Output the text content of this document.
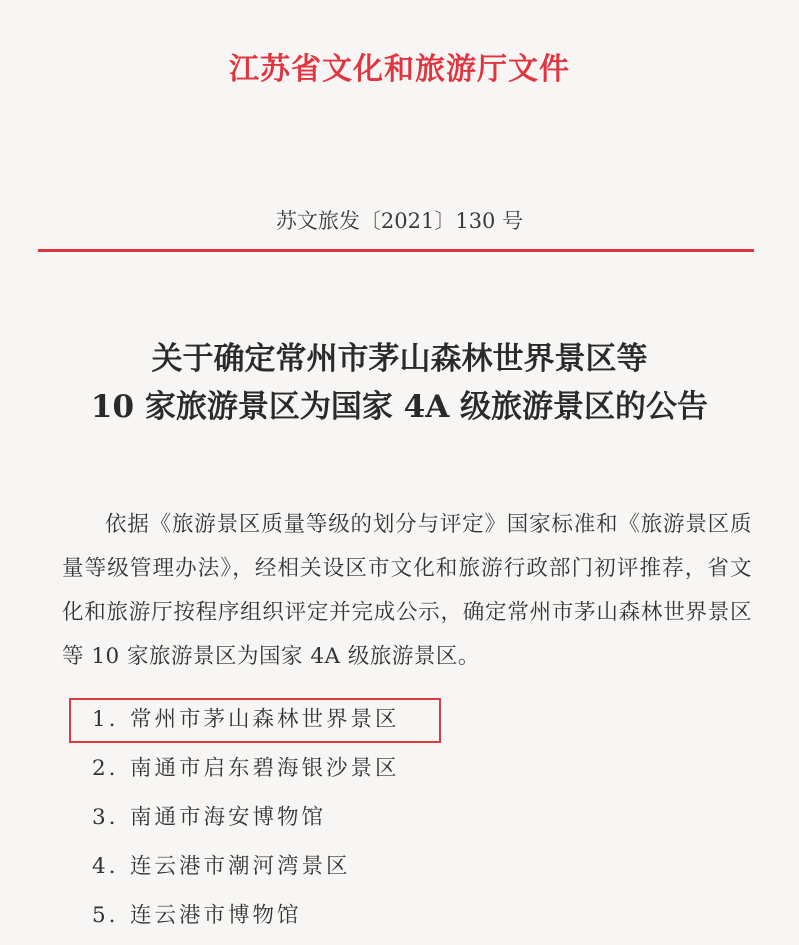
江苏省文化和旅游厅文件
苏文旅发〔2021〕130 号
关于确定常州市茅山森林世界景区等
10 家旅游景区为国家 4A 级旅游景区的公告
依据《旅游景区质量等级的划分与评定》国家标准和《旅游景区质量等级管理办法》，经相关设区市文化和旅游行政部门初评推荐，省文化和旅游厅按程序组织评定并完成公示，确定常州市茅山森林世界景区等 10 家旅游景区为国家 4A 级旅游景区。
1. 常州市茅山森林世界景区
2. 南通市启东碧海银沙景区
3. 南通市海安博物馆
4. 连云港市潮河湾景区
5. 连云港市博物馆
